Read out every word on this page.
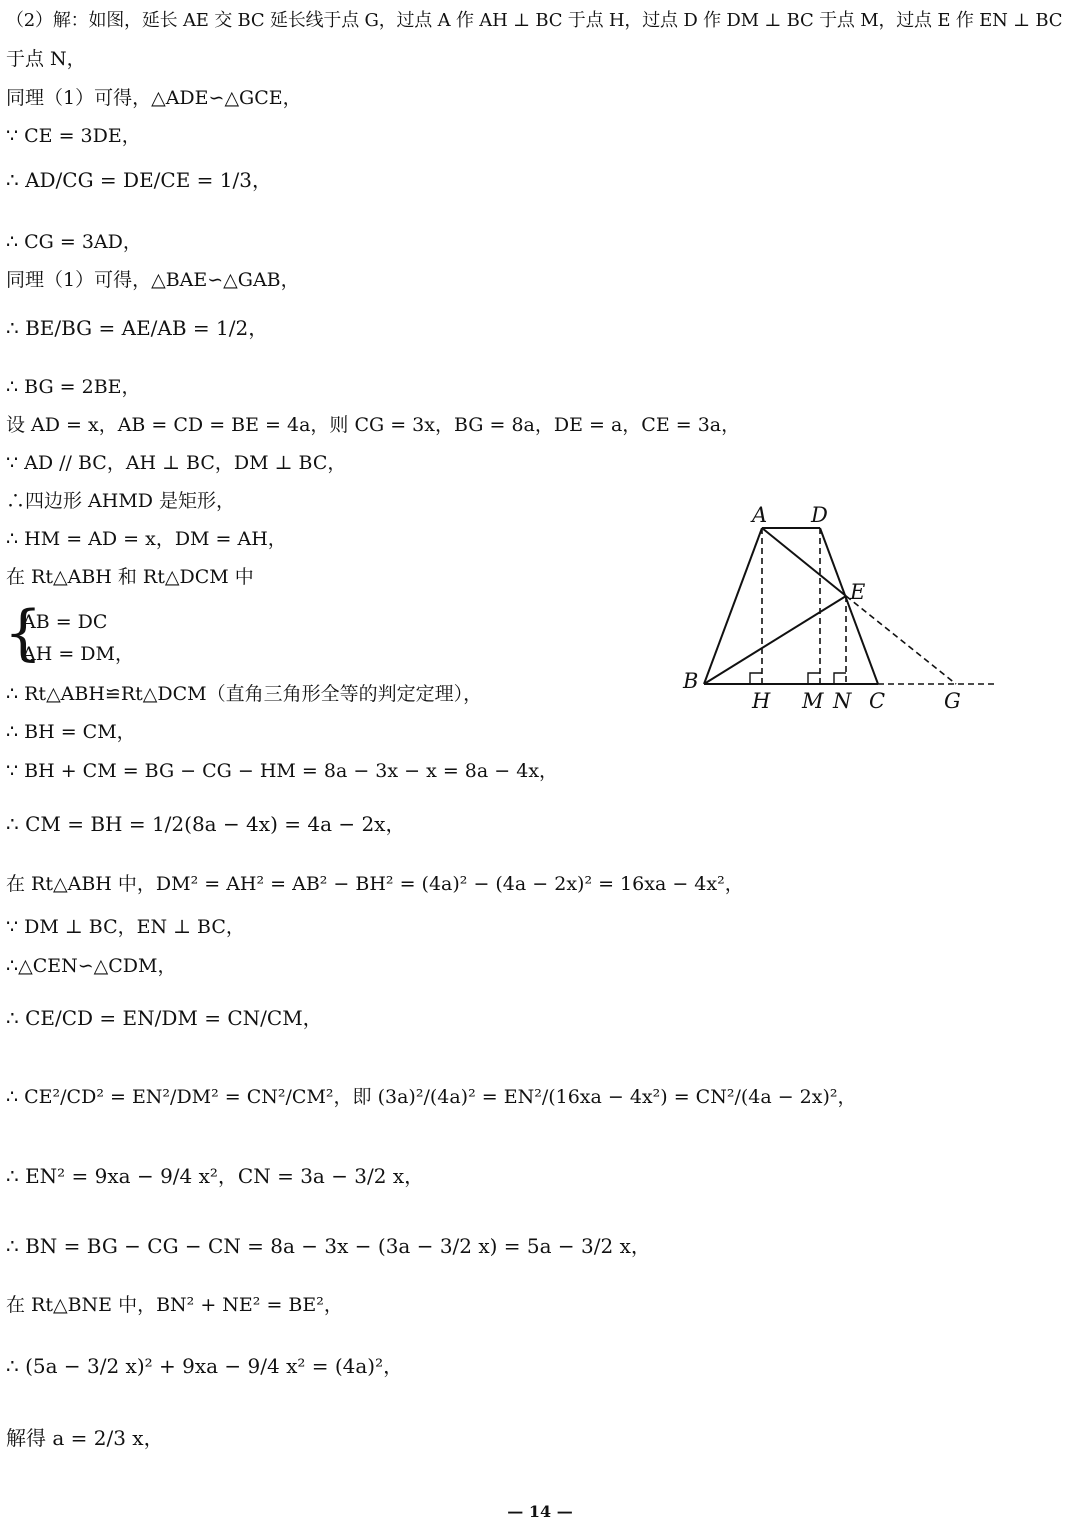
（2）解：如图，延长 AE 交 BC 延长线于点 G，过点 A 作 AH ⊥ BC 于点 H，过点 D 作 DM ⊥ BC 于点 M，过点 E 作 EN ⊥ BC
于点 N，
同理（1）可得，△ADE∽△GCE，
∵ CE = 3DE，
∴ AD/CG = DE/CE = 1/3，
∴ CG = 3AD，
同理（1）可得，△BAE∽△GAB，
∴ BE/BG = AE/AB = 1/2，
∴ BG = 2BE，
设 AD = x，AB = CD = BE = 4a，则 CG = 3x，BG = 8a，DE = a，CE = 3a，
∵ AD // BC，AH ⊥ BC，DM ⊥ BC，
∴四边形 AHMD 是矩形，
∴ HM = AD = x，DM = AH，
在 Rt△ABH 和 Rt△DCM 中
{
AB = DC
AH = DM，
∴ Rt△ABH≌Rt△DCM（直角三角形全等的判定定理），
∴ BH = CM，
∵ BH + CM = BG − CG − HM = 8a − 3x − x = 8a − 4x，
∴ CM = BH = 1/2(8a − 4x) = 4a − 2x，
在 Rt△ABH 中，DM² = AH² = AB² − BH² = (4a)² − (4a − 2x)² = 16xa − 4x²，
∵ DM ⊥ BC，EN ⊥ BC，
∴△CEN∽△CDM，
∴ CE/CD = EN/DM = CN/CM，
∴ CE²/CD² = EN²/DM² = CN²/CM²，即 (3a)²/(4a)² = EN²/(16xa − 4x²) = CN²/(4a − 2x)²，
∴ EN² = 9xa − 9/4 x²，CN = 3a − 3/2 x，
∴ BN = BG − CG − CN = 8a − 3x − (3a − 3/2 x) = 5a − 3/2 x，
在 Rt△BNE 中，BN² + NE² = BE²，
∴ (5a − 3/2 x)² + 9xa − 9/4 x² = (4a)²，
解得 a = 2/3 x，
A D
E
B
H M N C	G
— 14 —
